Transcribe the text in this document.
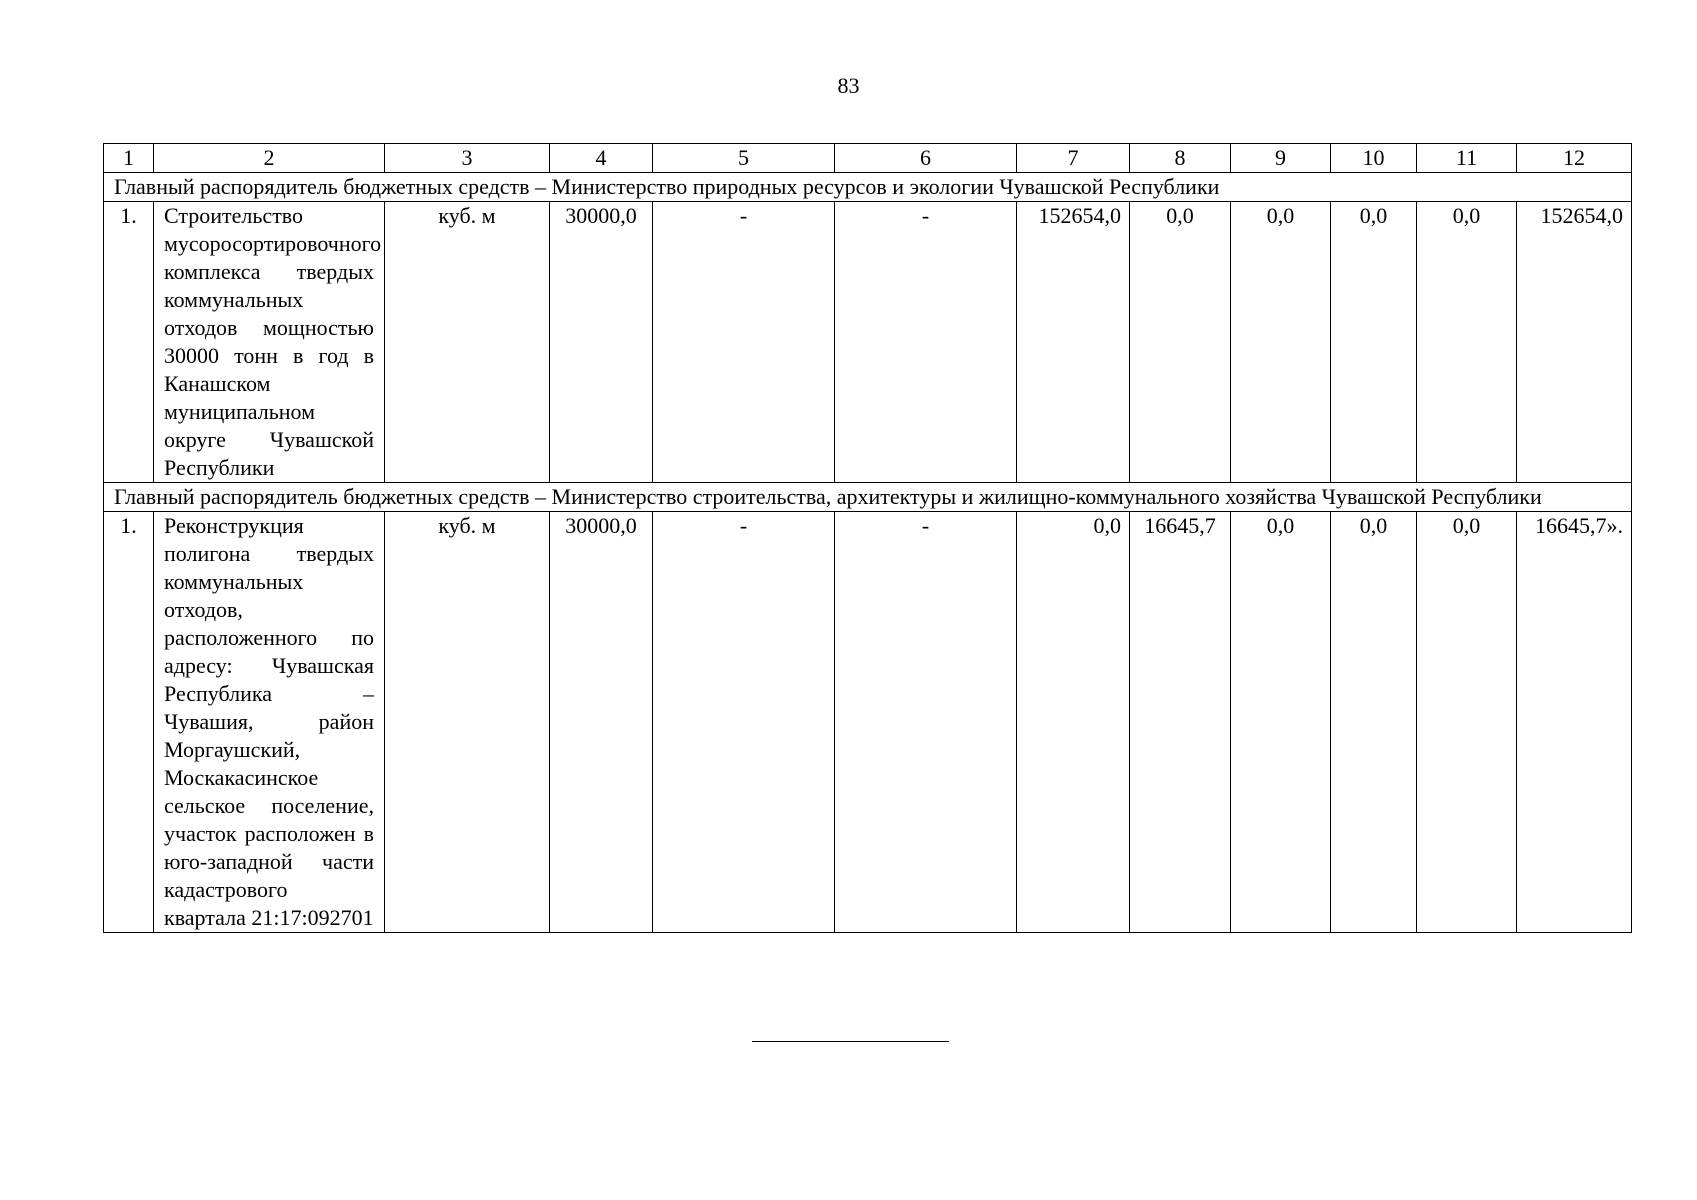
83
1	2	3	4	5	6	7	8	9	10	11	12
Главный распорядитель бюджетных средств – Министерство природных ресурсов и экологии Чувашской Республики											
1.	Строительство мусоросортировочного комплекса твердых коммунальных отходов мощностью 30000 тонн в год в Канашском муниципальном округе Чувашской Республики	куб. м	30000,0	-	-	152654,0	0,0	0,0	0,0	0,0	152654,0
Главный распорядитель бюджетных средств – Министерство строительства, архитектуры и жилищно-коммунального хозяйства Чувашской Республики											
1.	Реконструкция полигона твердых коммунальных отходов, расположенного по адресу: Чувашская Республика – Чувашия, район Моргаушский, Москакасинское сельское поселение, участок расположен в юго-западной части кадастрового квартала 21:17:092701	куб. м	30000,0	-	-	0,0	16645,7	0,0	0,0	0,0	16645,7».
